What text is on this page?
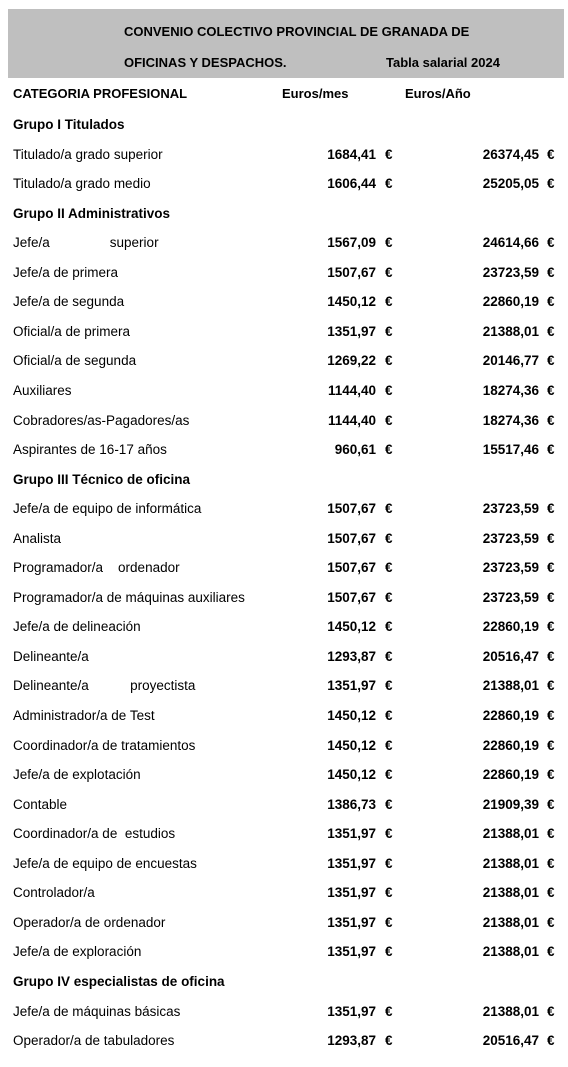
CONVENIO COLECTIVO PROVINCIAL DE GRANADA DE
OFICINAS Y DESPACHOS.	Tabla salarial 2024
CATEGORIA PROFESIONAL	Euros/mes	Euros/Año
Grupo I Titulados
Titulado/a grado superior	1684,41 €	26374,45 €
Titulado/a grado medio	1606,44 €	25205,05 €
Grupo II Administrativos
Jefe/a                superior	1567,09 €	24614,66 €
Jefe/a de primera	1507,67 €	23723,59 €
Jefe/a de segunda	1450,12 €	22860,19 €
Oficial/a de primera	1351,97 €	21388,01 €
Oficial/a de segunda	1269,22 €	20146,77 €
Auxiliares	1144,40 €	18274,36 €
Cobradores/as-Pagadores/as	1144,40 €	18274,36 €
Aspirantes de 16-17 años	960,61 €	15517,46 €
Grupo III Técnico de oficina
Jefe/a de equipo de informática	1507,67 €	23723,59 €
Analista	1507,67 €	23723,59 €
Programador/a    ordenador	1507,67 €	23723,59 €
Programador/a de máquinas auxiliares	1507,67 €	23723,59 €
Jefe/a de delineación	1450,12 €	22860,19 €
Delineante/a	1293,87 €	20516,47 €
Delineante/a           proyectista	1351,97 €	21388,01 €
Administrador/a de Test	1450,12 €	22860,19 €
Coordinador/a de tratamientos	1450,12 €	22860,19 €
Jefe/a de explotación	1450,12 €	22860,19 €
Contable	1386,73 €	21909,39 €
Coordinador/a de  estudios	1351,97 €	21388,01 €
Jefe/a de equipo de encuestas	1351,97 €	21388,01 €
Controlador/a	1351,97 €	21388,01 €
Operador/a de ordenador	1351,97 €	21388,01 €
Jefe/a de exploración	1351,97 €	21388,01 €
Grupo IV especialistas de oficina
Jefe/a de máquinas básicas	1351,97 €	21388,01 €
Operador/a de tabuladores	1293,87 €	20516,47 €
